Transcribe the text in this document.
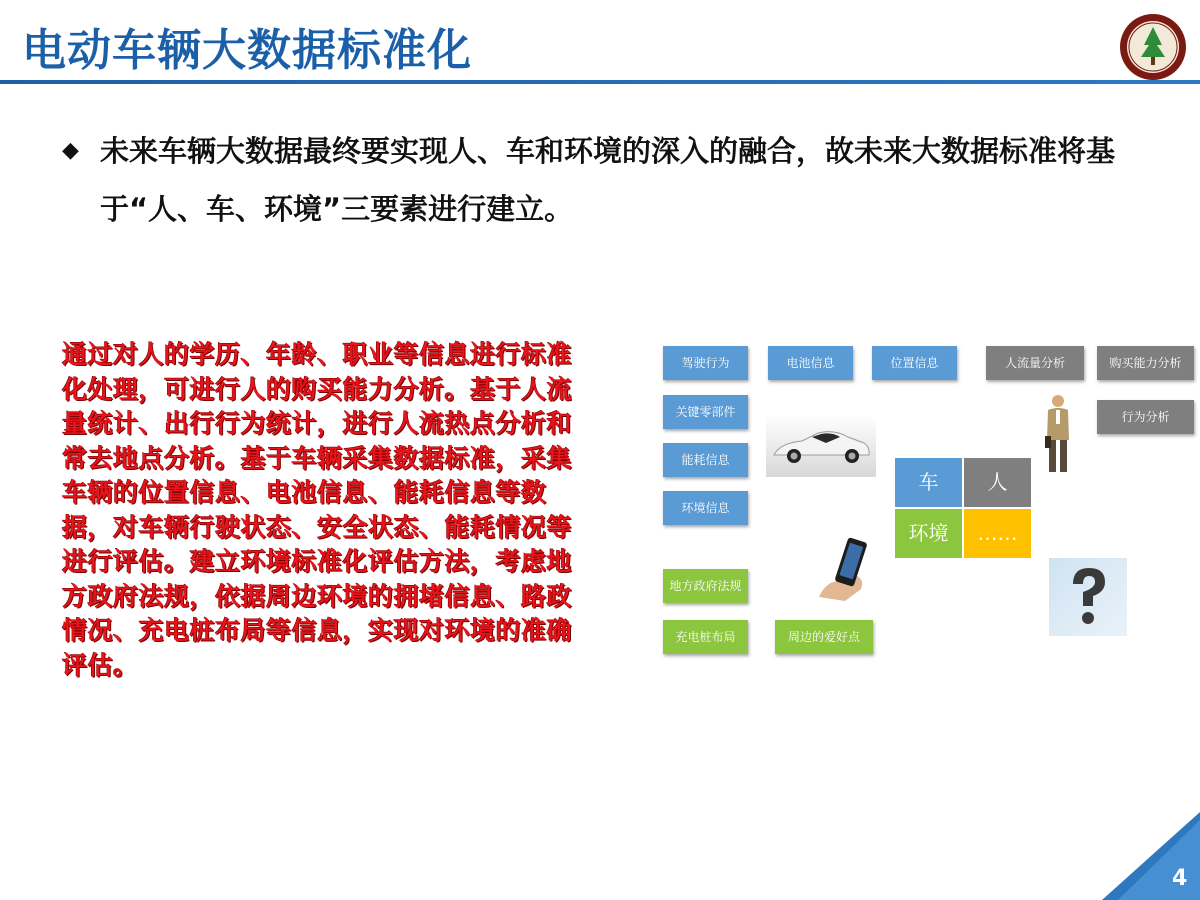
电动车辆大数据标准化
◆ 未来车辆大数据最终要实现人、车和环境的深入的融合，故未来大数据标准将基于“人、车、环境”三要素进行建立。
通过对人的学历、年龄、职业等信息进行标准化处理，可进行人的购买能力分析。基于人流量统计、出行行为统计，进行人流热点分析和常去地点分析。基于车辆采集数据标准，采集车辆的位置信息、电池信息、能耗信息等数据，对车辆行驶状态、安全状态、能耗情况等进行评估。建立环境标准化评估方法，考虑地方政府法规，依据周边环境的拥堵信息、路政情况、充电桩布局等信息，实现对环境的准确评估。
驾驶行为	电池信息	位置信息
关键零部件
能耗信息
环境信息
人流量分析	购买能力分析
行为分析
地方政府法规
充电桩布局	周边的爱好点
车	人
环境	……
4
